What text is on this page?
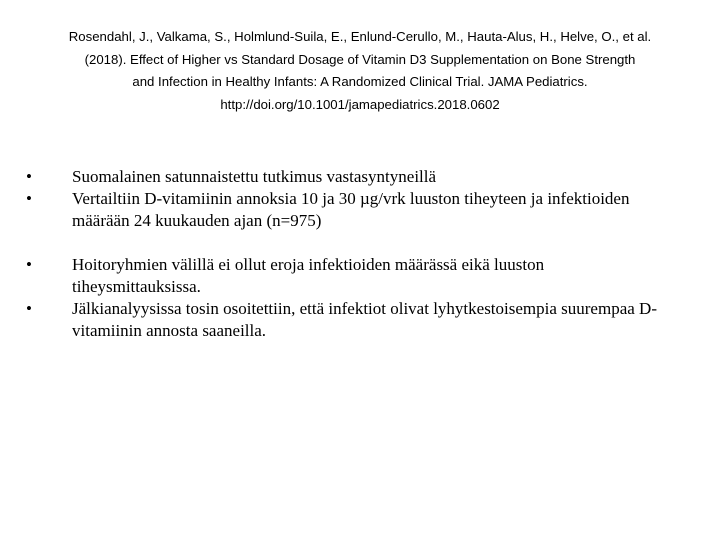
Rosendahl, J., Valkama, S., Holmlund-Suila, E., Enlund-Cerullo, M., Hauta-Alus, H., Helve, O., et al.
(2018). Effect of Higher vs Standard Dosage of Vitamin D3 Supplementation on Bone Strength
and Infection in Healthy Infants: A Randomized Clinical Trial. JAMA Pediatrics.
http://doi.org/10.1001/jamapediatrics.2018.0602
•	Suomalainen satunnaistettu tutkimus vastasyntyneillä
•	Vertailtiin D-vitamiinin annoksia 10 ja 30 µg/vrk luuston tiheyteen ja infektioiden määrään 24 kuukauden ajan (n=975)
•	Hoitoryhmien välillä ei ollut eroja infektioiden määrässä eikä luuston tiheysmittauksissa.
•	Jälkianalyysissa tosin osoitettiin, että infektiot olivat lyhytkestoisempia suurempaa D-vitamiinin annosta saaneilla.
